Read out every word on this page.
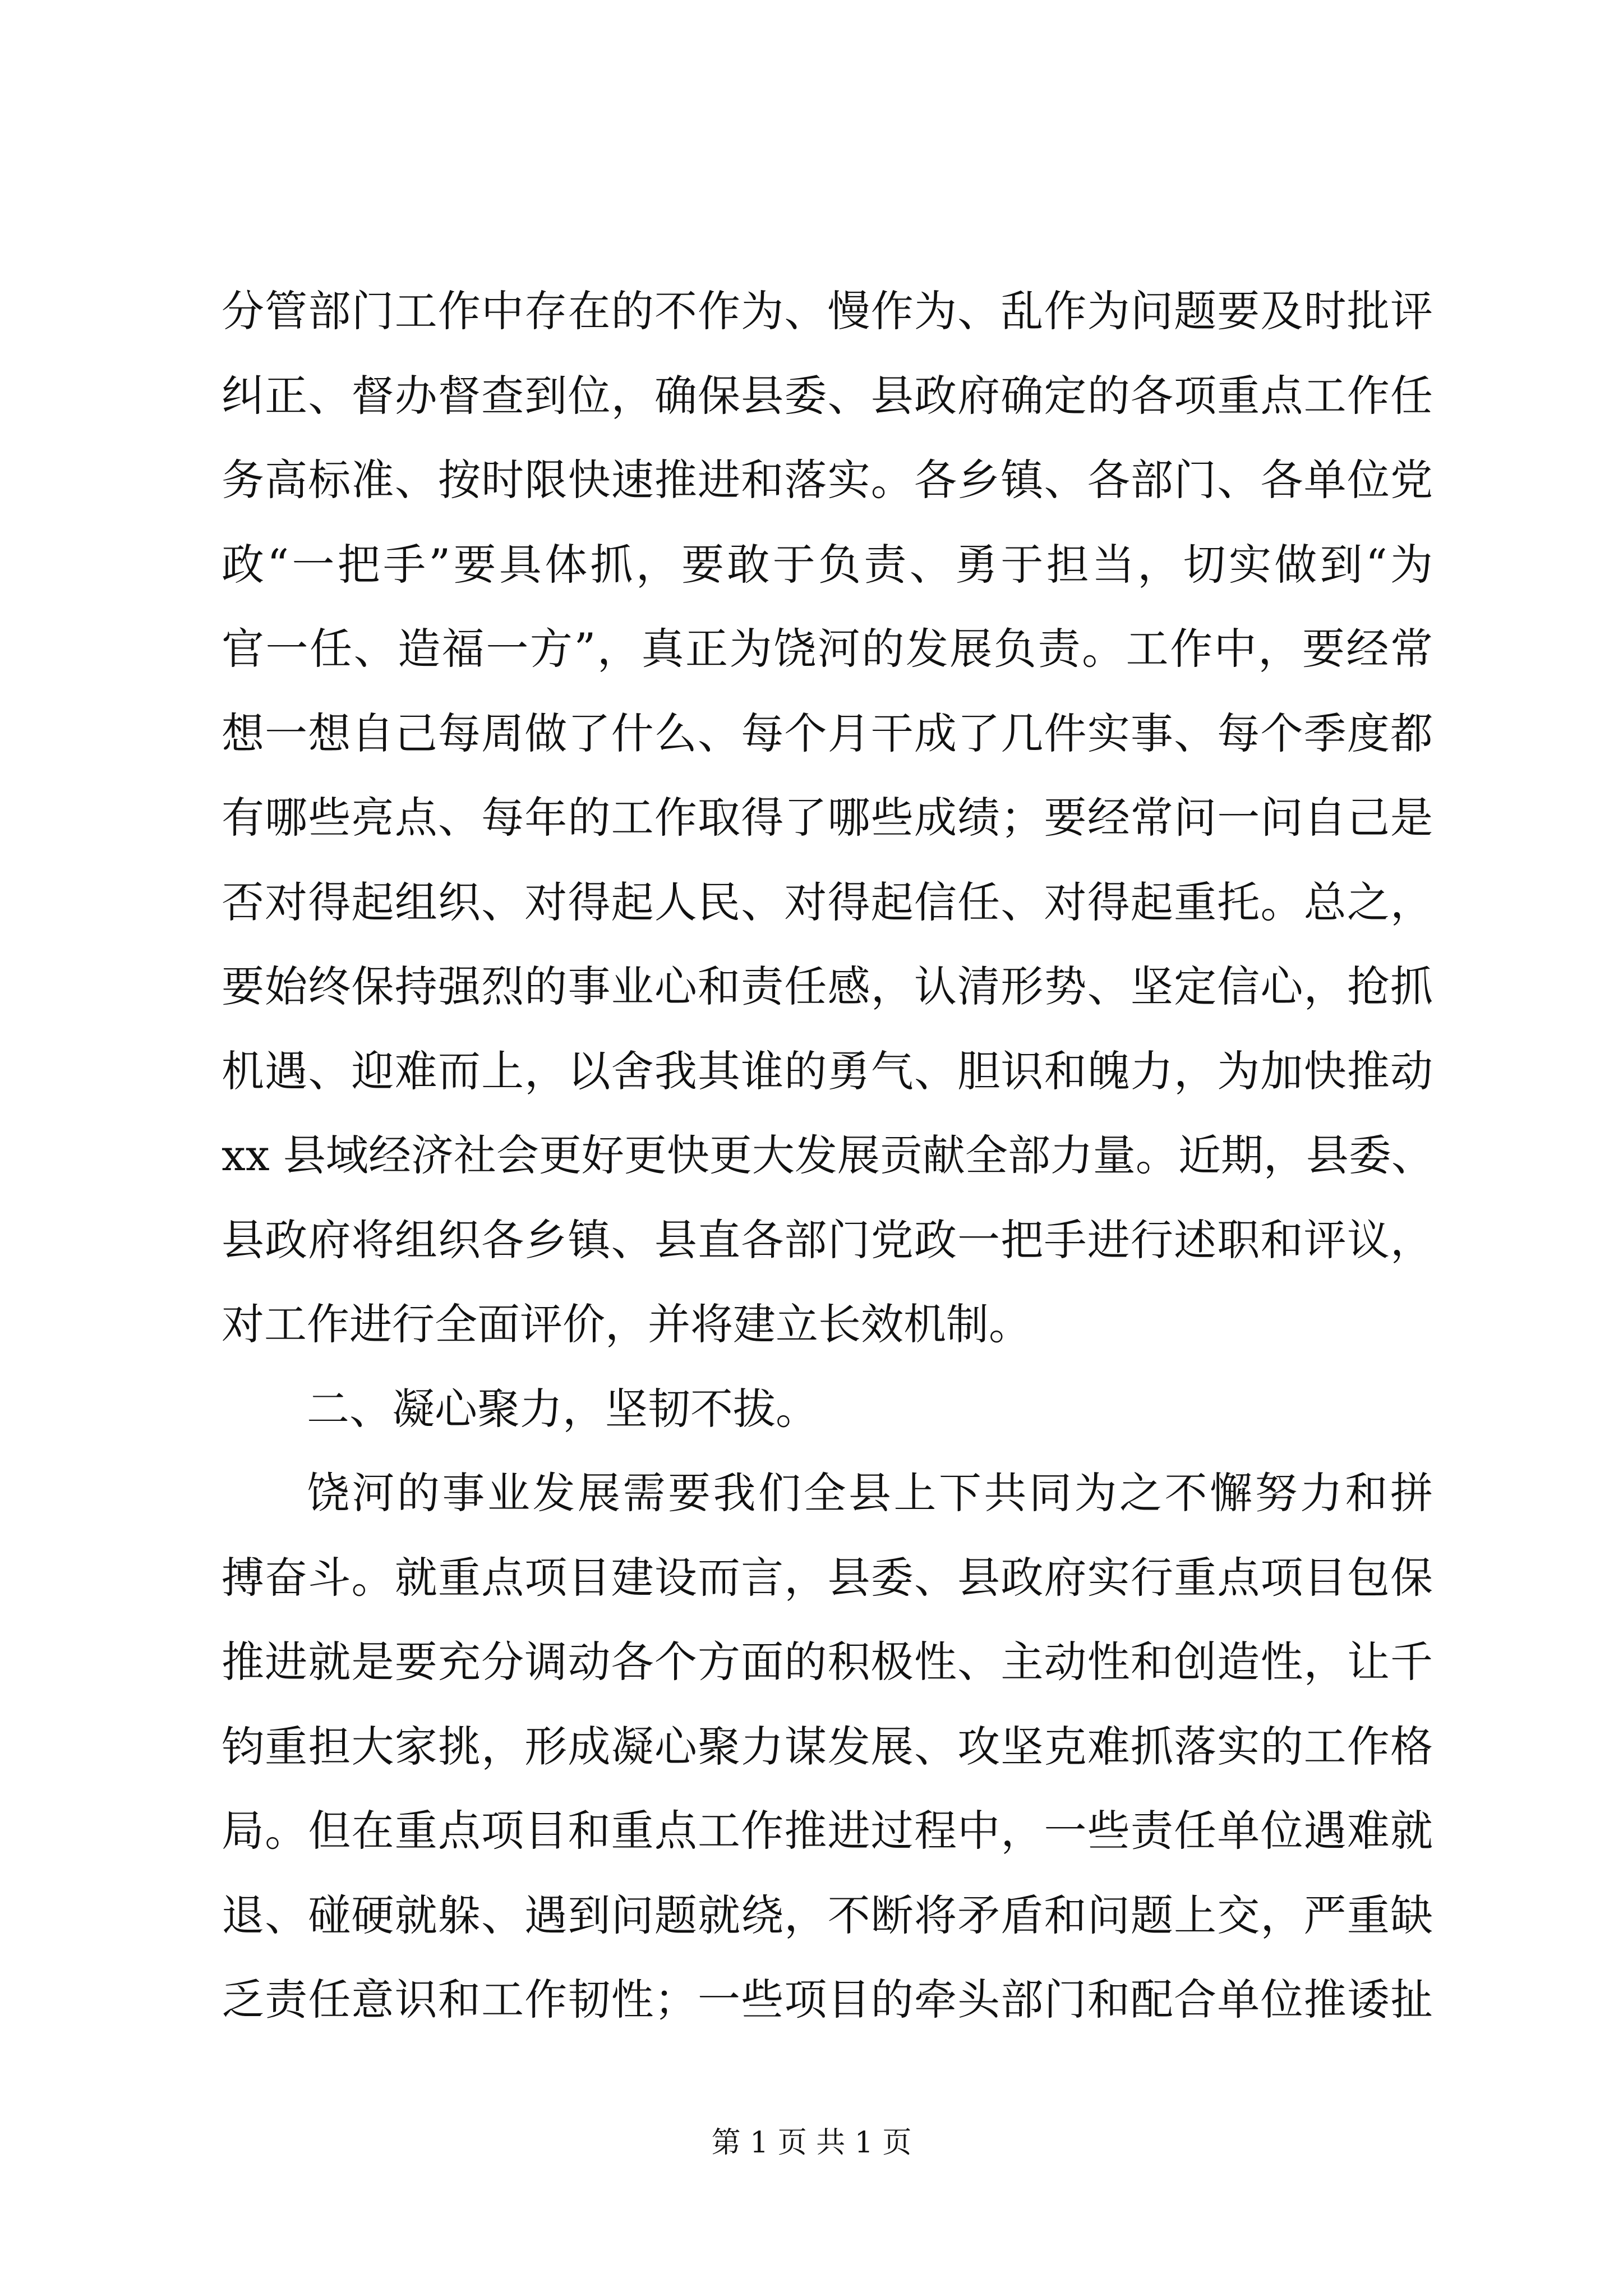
分管部门工作中存在的不作为、慢作为、乱作为问题要及时批评
纠正、督办督查到位，确保县委、县政府确定的各项重点工作任
务高标准、按时限快速推进和落实。各乡镇、各部门、各单位党
政“一把手”要具体抓，要敢于负责、勇于担当，切实做到“为
官一任、造福一方”，真正为饶河的发展负责。工作中，要经常
想一想自己每周做了什么、每个月干成了几件实事、每个季度都
有哪些亮点、每年的工作取得了哪些成绩；要经常问一问自己是
否对得起组织、对得起人民、对得起信任、对得起重托。总之，
要始终保持强烈的事业心和责任感，认清形势、坚定信心，抢抓
机遇、迎难而上，以舍我其谁的勇气、胆识和魄力，为加快推动
xx 县域经济社会更好更快更大发展贡献全部力量。近期，县委、
县政府将组织各乡镇、县直各部门党政一把手进行述职和评议，
对工作进行全面评价，并将建立长效机制。
二、凝心聚力，坚韧不拔。
饶河的事业发展需要我们全县上下共同为之不懈努力和拼
搏奋斗。就重点项目建设而言，县委、县政府实行重点项目包保
推进就是要充分调动各个方面的积极性、主动性和创造性，让千
钧重担大家挑，形成凝心聚力谋发展、攻坚克难抓落实的工作格
局。但在重点项目和重点工作推进过程中，一些责任单位遇难就
退、碰硬就躲、遇到问题就绕，不断将矛盾和问题上交，严重缺
乏责任意识和工作韧性；一些项目的牵头部门和配合单位推诿扯
第 1 页 共 1 页
